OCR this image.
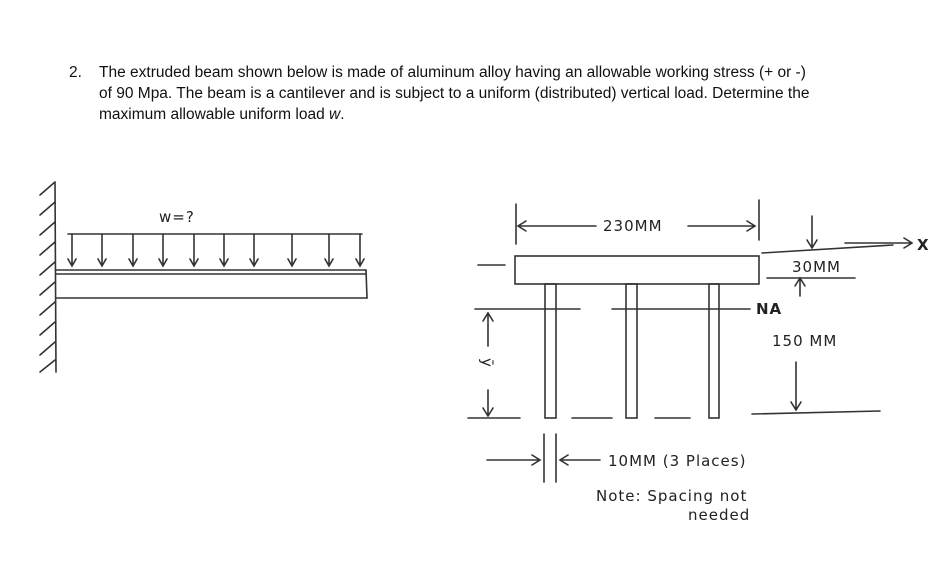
2. The extruded beam shown below is made of aluminum alloy having an allowable working stress (+ or -) of 90 Mpa. The beam is a cantilever and is subject to a uniform (distributed) vertical load. Determine the maximum allowable uniform load w.
w=?	230MM
30MM
X
NA
150 MM
ȳ
10MM (3 Places)
Note: Spacing not
needed
